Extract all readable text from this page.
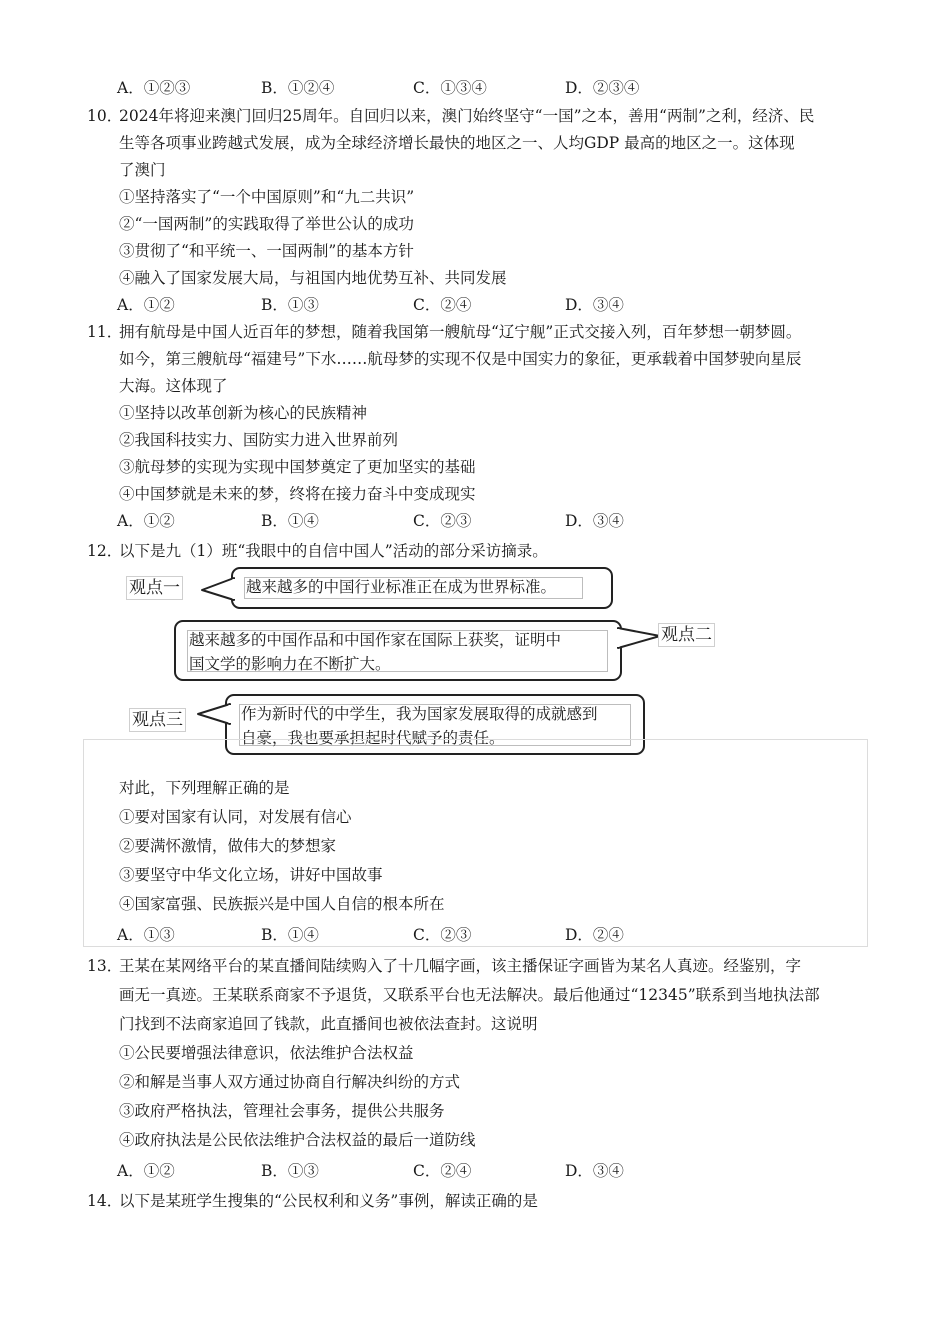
A．①②③	B．①②④	C．①③④	D．②③④
10．
2024年将迎来澳门回归25周年。自回归以来，澳门始终坚守“一国”之本，善用“两制”之利，经济、民
生等各项事业跨越式发展，成为全球经济增长最快的地区之一、人均GDP 最高的地区之一。这体现
了澳门
①坚持落实了“一个中国原则”和“九二共识”
②“一国两制”的实践取得了举世公认的成功
③贯彻了“和平统一、一国两制”的基本方针
④融入了国家发展大局，与祖国内地优势互补、共同发展
A．①②	B．①③	C．②④	D．③④
11．
拥有航母是中国人近百年的梦想，随着我国第一艘航母“辽宁舰”正式交接入列，百年梦想一朝梦圆。
如今，第三艘航母“福建号”下水……航母梦的实现不仅是中国实力的象征，更承载着中国梦驶向星辰
大海。这体现了
①坚持以改革创新为核心的民族精神
②我国科技实力、国防实力进入世界前列
③航母梦的实现为实现中国梦奠定了更加坚实的基础
④中国梦就是未来的梦，终将在接力奋斗中变成现实
A．①②	B．①④	C．②③	D．③④
12．
以下是九（1）班“我眼中的自信中国人”活动的部分采访摘录。
观点一	越来越多的中国行业标准正在成为世界标准。
越来越多的中国作品和中国作家在国际上获奖，证明中
国文学的影响力在不断扩大。
观点二
观点三	作为新时代的中学生，我为国家发展取得的成就感到
自豪，我也要承担起时代赋予的责任。
对此，下列理解正确的是
①要对国家有认同，对发展有信心
②要满怀激情，做伟大的梦想家
③要坚守中华文化立场，讲好中国故事
④国家富强、民族振兴是中国人自信的根本所在
A．①③	B．①④	C．②③	D．②④
13．
王某在某网络平台的某直播间陆续购入了十几幅字画，该主播保证字画皆为某名人真迹。经鉴别，字
画无一真迹。王某联系商家不予退货，又联系平台也无法解决。最后他通过“12345”联系到当地执法部
门找到不法商家追回了钱款，此直播间也被依法查封。这说明
①公民要增强法律意识，依法维护合法权益
②和解是当事人双方通过协商自行解决纠纷的方式
③政府严格执法，管理社会事务，提供公共服务
④政府执法是公民依法维护合法权益的最后一道防线
A．①②	B．①③	C．②④	D．③④
14．
以下是某班学生搜集的“公民权利和义务”事例，解读正确的是
